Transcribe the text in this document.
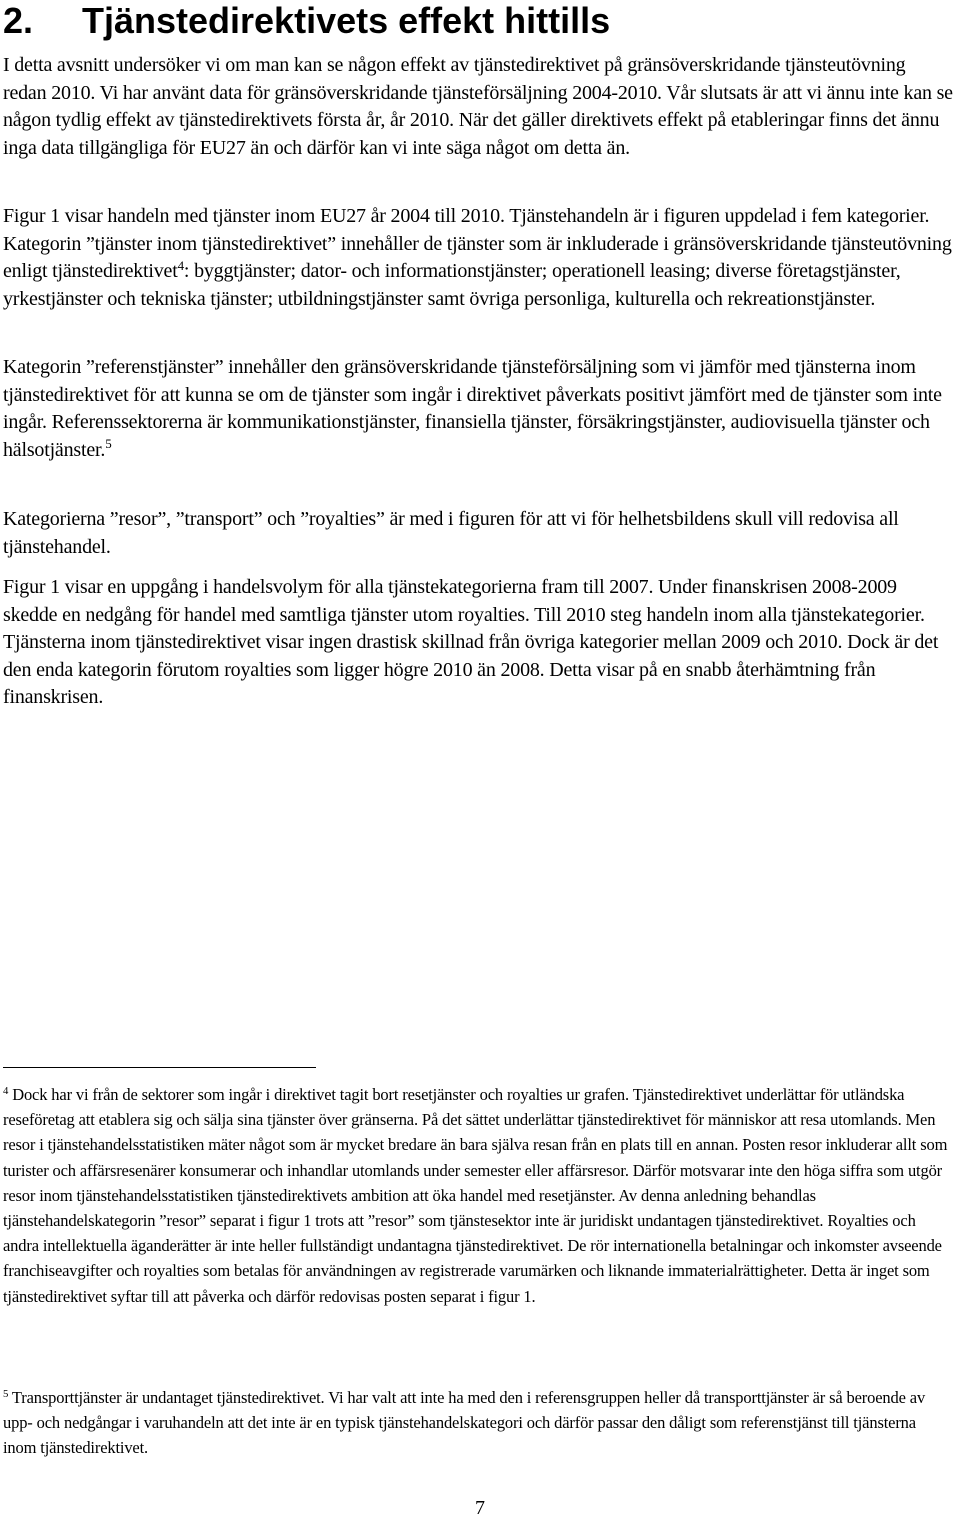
2. Tjänstedirektivets effekt hittills

I detta avsnitt undersöker vi om man kan se någon effekt av tjänstedirektivet på gränsöverskridande tjänsteutövning redan 2010. Vi har använt data för gränsöverskridande tjänsteförsäljning 2004-2010. Vår slutsats är att vi ännu inte kan se någon tydlig effekt av tjänstedirektivets första år, år 2010. När det gäller direktivets effekt på etableringar finns det ännu inga data tillgängliga för EU27 än och därför kan vi inte säga något om detta än.

Figur 1 visar handeln med tjänster inom EU27 år 2004 till 2010. Tjänstehandeln är i figuren uppdelad i fem kategorier. Kategorin ”tjänster inom tjänstedirektivet” innehåller de tjänster som är inkluderade i gränsöverskridande tjänsteutövning enligt tjänstedirektivet$^4$: byggtjänster; dator- och informationstjänster; operationell leasing; diverse företagstjänster, yrkestjänster och tekniska tjänster; utbildningstjänster samt övriga personliga, kulturella och rekreationstjänster.

Kategorin ”referenstjänster” innehåller den gränsöverskridande tjänsteförsäljning som vi jämför med tjänsterna inom tjänstedirektivet för att kunna se om de tjänster som ingår i direktivet påverkats positivt jämfört med de tjänster som inte ingår. Referenssektorerna är kommunikationstjänster, finansiella tjänster, försäkringstjänster, audiovisuella tjänster och hälsotjänster.$^5$

Kategorierna ”resor”, ”transport” och ”royalties” är med i figuren för att vi för helhetsbildens skull vill redovisa all tjänstehandel.

Figur 1 visar en uppgång i handelsvolym för alla tjänstekategorierna fram till 2007. Under finanskrisen 2008-2009 skedde en nedgång för handel med samtliga tjänster utom royalties. Till 2010 steg handeln inom alla tjänstekategorier. Tjänsterna inom tjänstedirektivet visar ingen drastisk skillnad från övriga kategorier mellan 2009 och 2010. Dock är det den enda kategorin förutom royalties som ligger högre 2010 än 2008. Detta visar på en snabb återhämtning från finanskrisen.

$^4$ Dock har vi från de sektorer som ingår i direktivet tagit bort resetjänster och royalties ur grafen. Tjänstedirektivet underlättar för utländska reseföretag att etablera sig och sälja sina tjänster över gränserna. På det sättet underlättar tjänstedirektivet för människor att resa utomlands. Men resor i tjänstehandelsstatistiken mäter något som är mycket bredare än bara själva resan från en plats till en annan. Posten resor inkluderar allt som turister och affärsresenärer konsumerar och inhandlar utomlands under semester eller affärsresor. Därför motsvarar inte den höga siffra som utgör resor inom tjänstehandelsstatistiken tjänstedirektivets ambition att öka handel med resetjänster. Av denna anledning behandlas tjänstehandelskategorin ”resor” separat i figur 1 trots att ”resor” som tjänstesektor inte är juridiskt undantagen tjänstedirektivet. Royalties och andra intellektuella äganderätter är inte heller fullständigt undantagna tjänstedirektivet. De rör internationella betalningar och inkomster avseende franchiseavgifter och royalties som betalas för användningen av registrerade varumärken och liknande immaterialrättigheter. Detta är inget som tjänstedirektivet syftar till att påverka och därför redovisas posten separat i figur 1.

$^5$ Transporttjänster är undantaget tjänstedirektivet. Vi har valt att inte ha med den i referensgruppen heller då transporttjänster är så beroende av upp- och nedgångar i varuhandeln att det inte är en typisk tjänstehandelskategori och därför passar den dåligt som referenstjänst till tjänsterna inom tjänstedirektivet.

7
